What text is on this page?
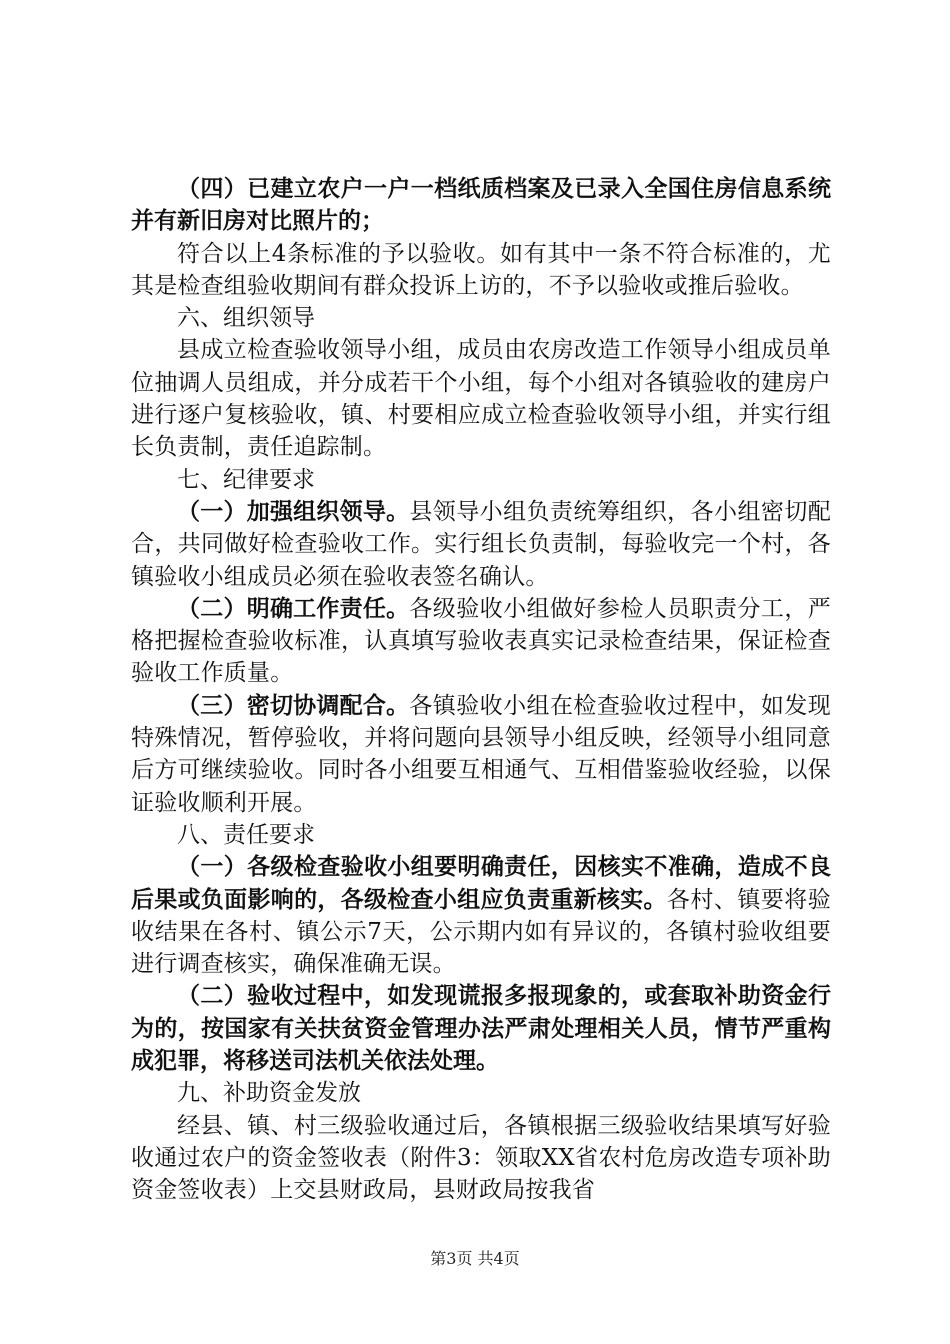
（四）已建立农户一户一档纸质档案及已录入全国住房信息系统并有新旧房对比照片的；

符合以上4条标准的予以验收。如有其中一条不符合标准的，尤其是检查组验收期间有群众投诉上访的，不予以验收或推后验收。

六、组织领导

县成立检查验收领导小组，成员由农房改造工作领导小组成员单位抽调人员组成，并分成若干个小组，每个小组对各镇验收的建房户进行逐户复核验收，镇、村要相应成立检查验收领导小组，并实行组长负责制，责任追踪制。

七、纪律要求

（一）加强组织领导。县领导小组负责统筹组织，各小组密切配合，共同做好检查验收工作。实行组长负责制，每验收完一个村，各镇验收小组成员必须在验收表签名确认。

（二）明确工作责任。各级验收小组做好参检人员职责分工，严格把握检查验收标准，认真填写验收表真实记录检查结果，保证检查验收工作质量。

（三）密切协调配合。各镇验收小组在检查验收过程中，如发现特殊情况，暂停验收，并将问题向县领导小组反映，经领导小组同意后方可继续验收。同时各小组要互相通气、互相借鉴验收经验，以保证验收顺利开展。

八、责任要求

（一）各级检查验收小组要明确责任，因核实不准确，造成不良后果或负面影响的，各级检查小组应负责重新核实。各村、镇要将验收结果在各村、镇公示7天，公示期内如有异议的，各镇村验收组要进行调查核实，确保准确无误。

（二）验收过程中，如发现谎报多报现象的，或套取补助资金行为的，按国家有关扶贫资金管理办法严肃处理相关人员，情节严重构成犯罪，将移送司法机关依法处理。

九、补助资金发放

经县、镇、村三级验收通过后，各镇根据三级验收结果填写好验收通过农户的资金签收表（附件3：领取XX省农村危房改造专项补助资金签收表）上交县财政局，县财政局按我省

第3页 共4页
